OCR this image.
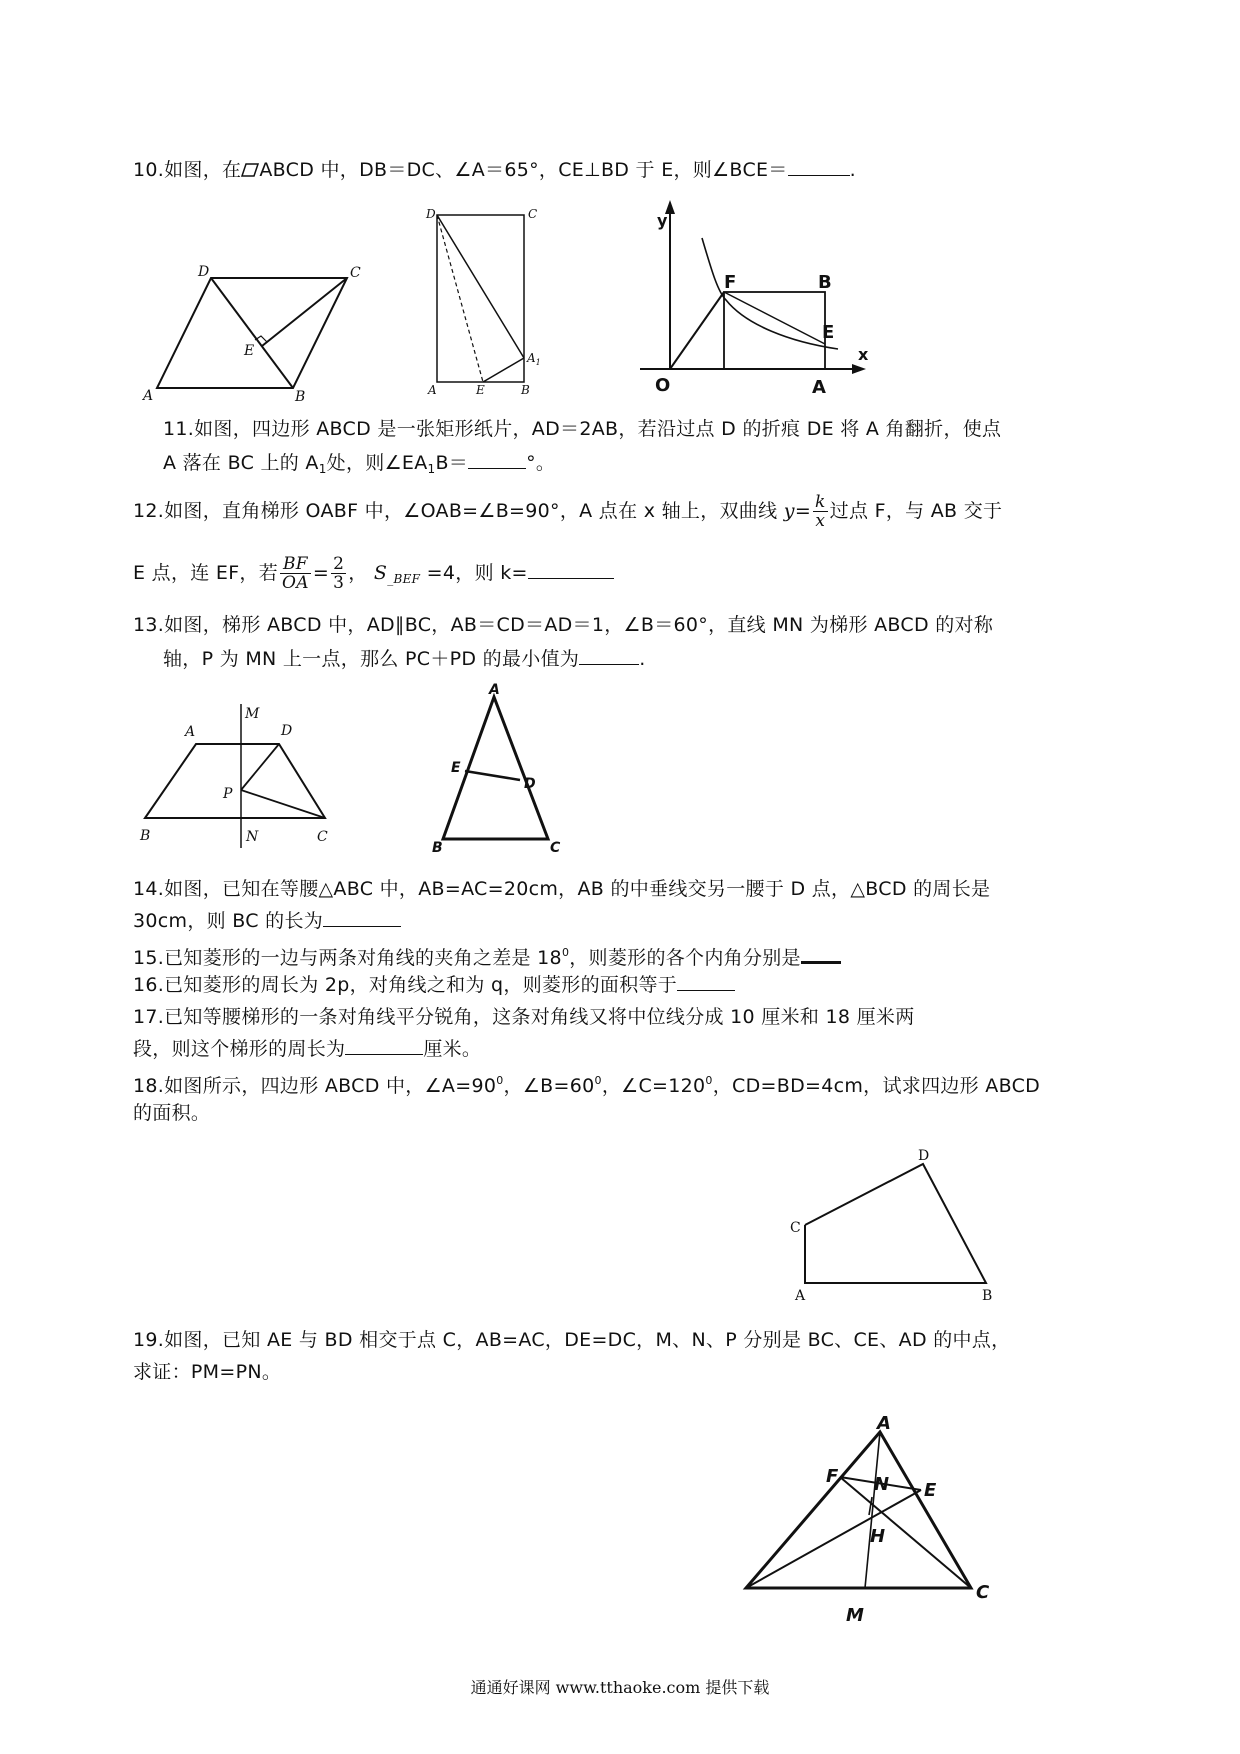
10.如图，在 ABCD 中，DB＝DC、∠A＝65°，CE⊥BD 于 E，则∠BCE＝	.
A	B
C
D
E
D	C
A	E	B
$A_1$
y
x
O	A
B
E
F
11.如图，四边形 ABCD 是一张矩形纸片，AD＝2AB，若沿过点 D 的折痕 DE 将 A 角翻折，使点
A 落在 BC 上的 $A_1$处，则$\angle EA_1B=$	°。
12.如图，直角梯形 OABF 中，∠OAB=∠B=90°，A 点在 x 轴上，双曲线 $y= \frac{k}{x}$ 过点 F，与 AB 交于
E 点，连 EF，若 $\frac{BF}{OA} = \frac{2}{3}$ ， $S_{\_BEF} =4$，则 k=
13.如图，梯形 ABCD 中，AD∥BC，AB＝CD＝AD＝1，∠B＝60°，直线 MN 为梯形 ABCD 的对称
轴，P 为 MN 上一点，那么 PC＋PD 的最小值为	.
A	D
M
P
B	N	C
A
E
D
B	C
14.如图，已知在等腰△ABC 中，AB=AC=20cm，AB 的中垂线交另一腰于 D 点，△BCD 的周长是
30cm，则 BC 的长为
15.已知菱形的一边与两条对角线的夹角之差是 $18^0$，则菱形的各个内角分别是
16.已知菱形的周长为 2p，对角线之和为 q，则菱形的面积等于
17.已知等腰梯形的一条对角线平分锐角，这条对角线又将中位线分成 10 厘米和 18 厘米两
段，则这个梯形的周长为	厘米。
18.如图所示，四边形 ABCD 中，$\angle A=90^0$，$\angle B=60^0$，$\angle C=120^0$，CD=BD=4cm，试求四边形 ABCD
的面积。
A	B
C
D
A
F N E
H
M
C
19.如图，已知 AE 与 BD 相交于点 C，AB=AC，DE=DC，M、N、P 分别是 BC、CE、AD 的中点，
求证：PM=PN。
通通好课网 www.tthaoke.com 提供下载
